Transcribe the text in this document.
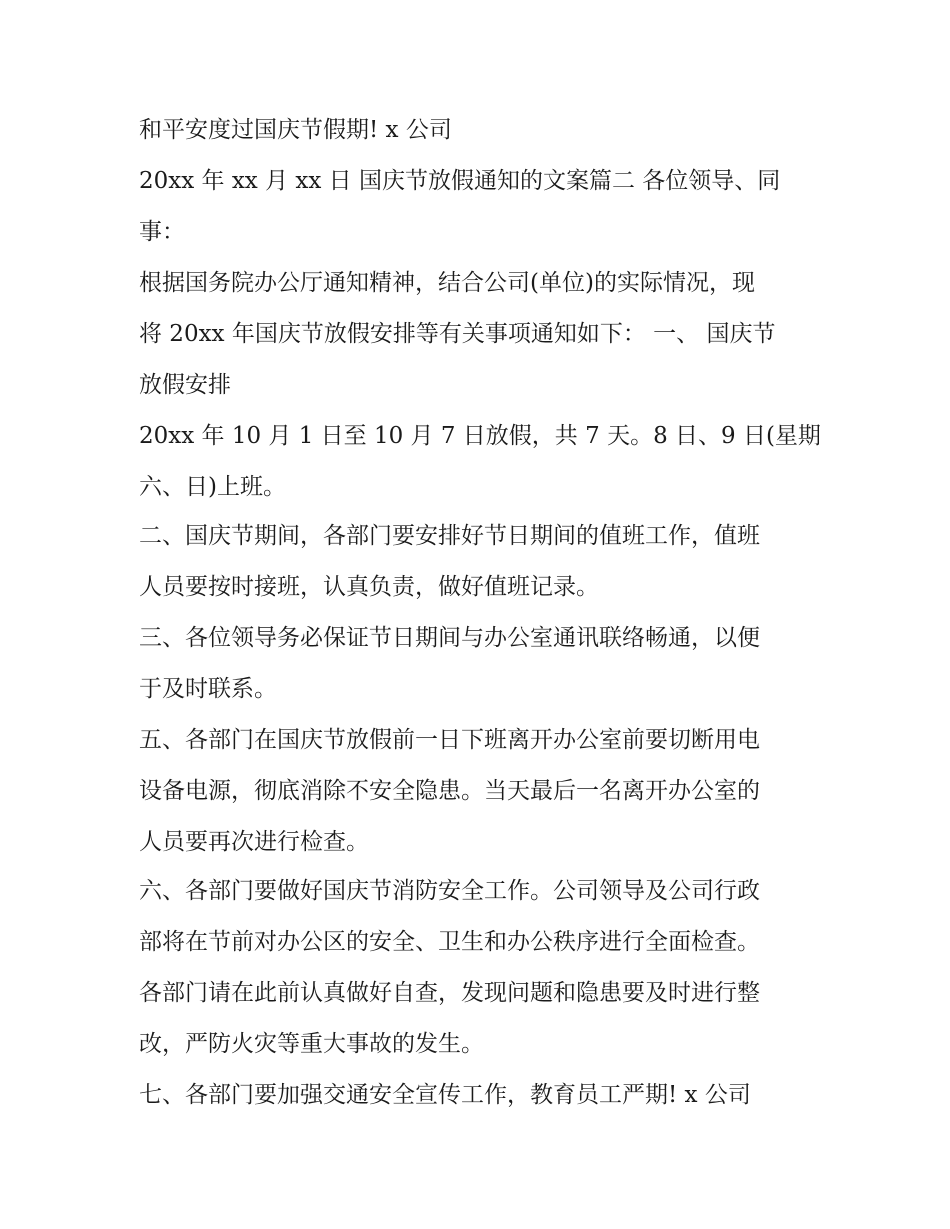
和平安度过国庆节假期! x 公司
20xx 年 xx 月 xx 日 国庆节放假通知的文案篇二 各位领导、同
事：
根据国务院办公厅通知精神，结合公司(单位)的实际情况，现
将 20xx 年国庆节放假安排等有关事项通知如下： 一、 国庆节
放假安排
20xx 年 10 月 1 日至 10 月 7 日放假，共 7 天。8 日、9 日(星期
六、日)上班。
二、国庆节期间，各部门要安排好节日期间的值班工作，值班
人员要按时接班，认真负责，做好值班记录。
三、各位领导务必保证节日期间与办公室通讯联络畅通，以便
于及时联系。
五、各部门在国庆节放假前一日下班离开办公室前要切断用电
设备电源，彻底消除不安全隐患。当天最后一名离开办公室的
人员要再次进行检查。
六、各部门要做好国庆节消防安全工作。公司领导及公司行政
部将在节前对办公区的安全、卫生和办公秩序进行全面检查。
各部门请在此前认真做好自查，发现问题和隐患要及时进行整
改，严防火灾等重大事故的发生。
七、各部门要加强交通安全宣传工作，教育员工严期! x 公司
